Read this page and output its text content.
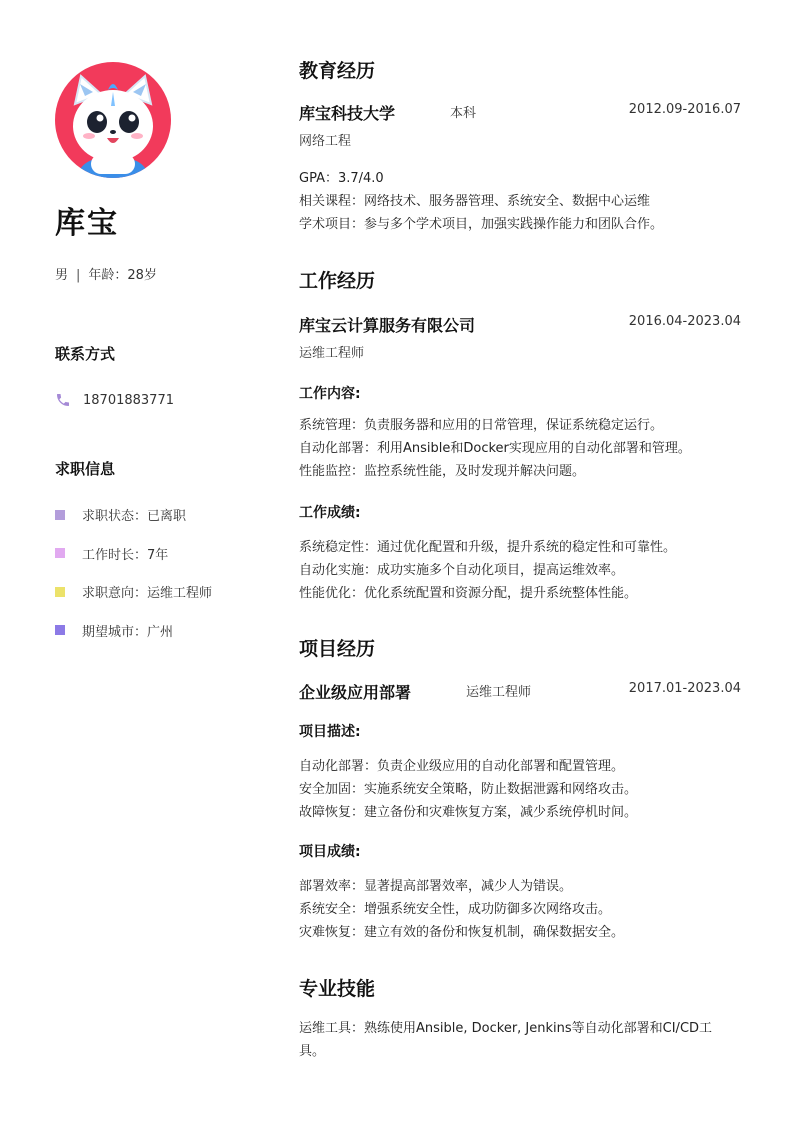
库宝
男 | 年龄：28岁
联系方式
18701883771
求职信息
求职状态：已离职
工作时长：7年
求职意向：运维工程师
期望城市：广州
教育经历
库宝科技大学	本科	2012.09-2016.07
网络工程
GPA：3.7/4.0
相关课程：网络技术、服务器管理、系统安全、数据中心运维
学术项目：参与多个学术项目，加强实践操作能力和团队合作。
工作经历
库宝云计算服务有限公司	2016.04-2023.04
运维工程师
工作内容:
系统管理：负责服务器和应用的日常管理，保证系统稳定运行。
自动化部署：利用Ansible和Docker实现应用的自动化部署和管理。
性能监控：监控系统性能，及时发现并解决问题。
工作成绩:
系统稳定性：通过优化配置和升级，提升系统的稳定性和可靠性。
自动化实施：成功实施多个自动化项目，提高运维效率。
性能优化：优化系统配置和资源分配，提升系统整体性能。
项目经历
企业级应用部署	运维工程师	2017.01-2023.04
项目描述:
自动化部署：负责企业级应用的自动化部署和配置管理。
安全加固：实施系统安全策略，防止数据泄露和网络攻击。
故障恢复：建立备份和灾难恢复方案，减少系统停机时间。
项目成绩:
部署效率：显著提高部署效率，减少人为错误。
系统安全：增强系统安全性，成功防御多次网络攻击。
灾难恢复：建立有效的备份和恢复机制，确保数据安全。
专业技能
运维工具：熟练使用Ansible, Docker, Jenkins等自动化部署和CI/CD工
具。
